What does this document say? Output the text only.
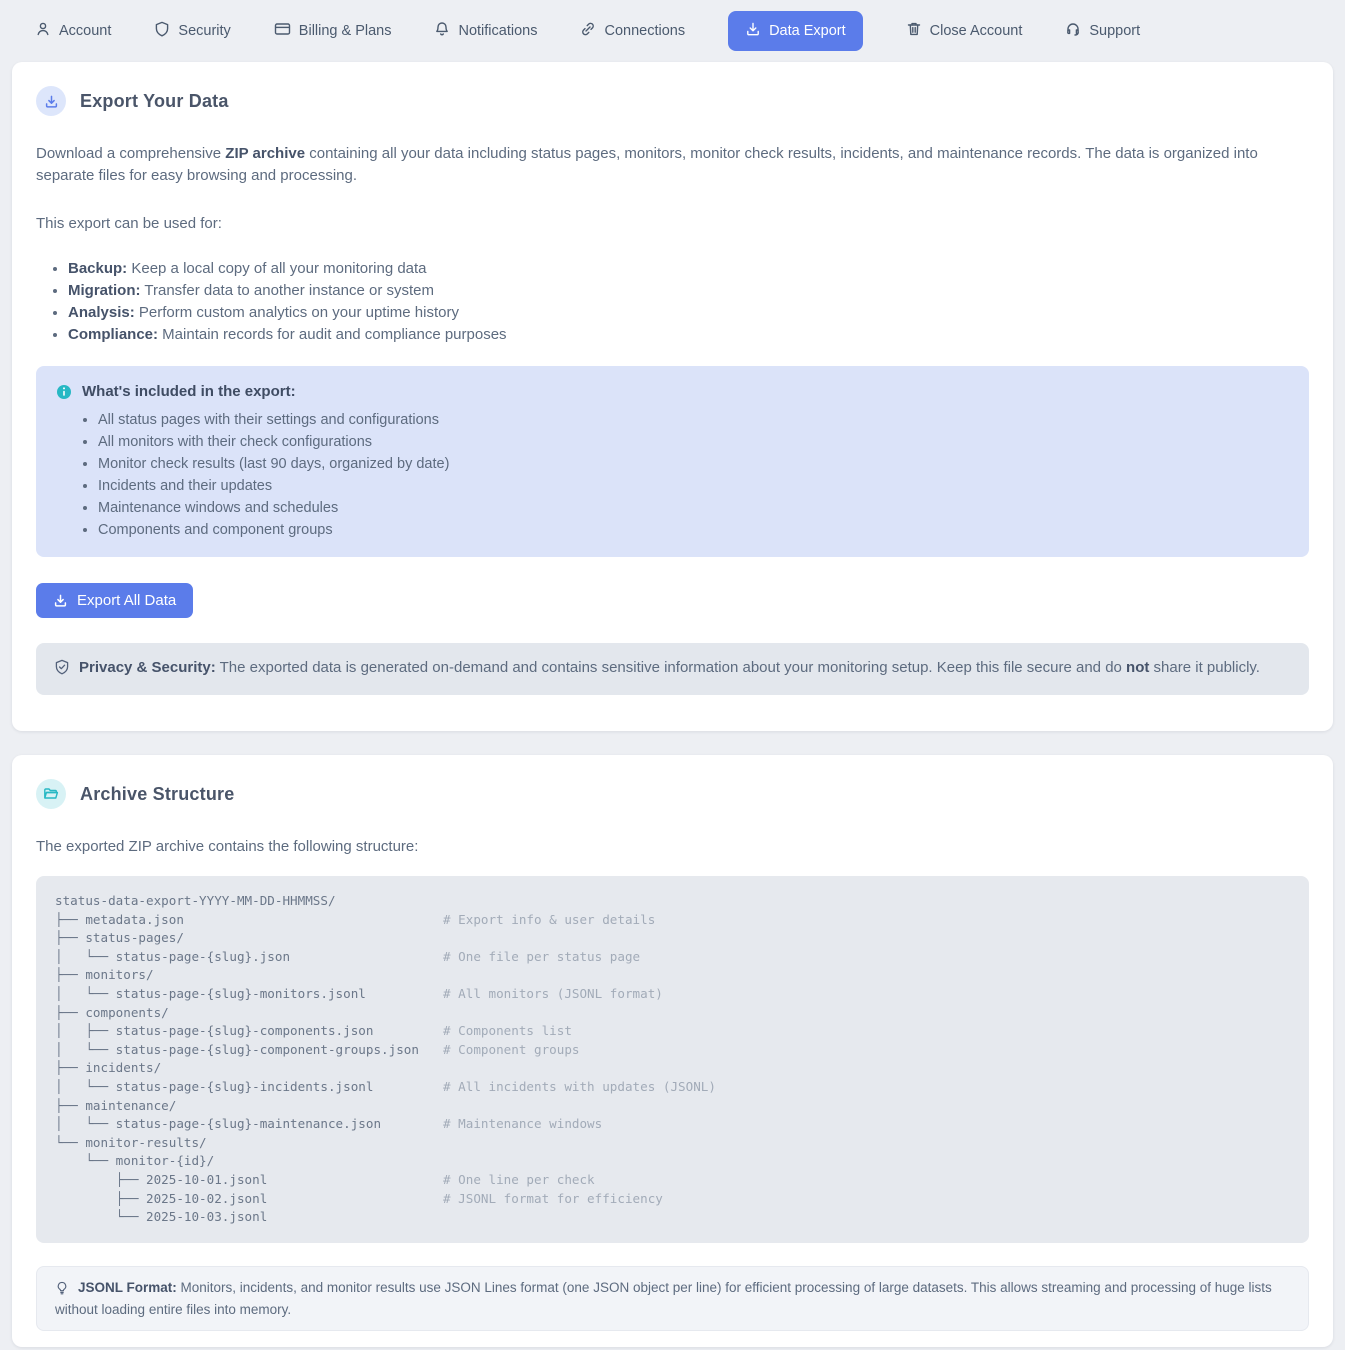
Account	Security	Billing & Plans	Notifications	Connections	Data Export	Close Account	Support
Export Your Data

Download a comprehensive ZIP archive containing all your data including status pages, monitors, monitor check results, incidents, and maintenance records. The data is organized into separate files for easy browsing and processing.

This export can be used for:

• Backup: Keep a local copy of all your monitoring data
• Migration: Transfer data to another instance or system
• Analysis: Perform custom analytics on your uptime history
• Compliance: Maintain records for audit and compliance purposes
What's included in the export:
• All status pages with their settings and configurations
• All monitors with their check configurations
• Monitor check results (last 90 days, organized by date)
• Incidents and their updates
• Maintenance windows and schedules
• Components and component groups
Export All Data
Privacy & Security: The exported data is generated on-demand and contains sensitive information about your monitoring setup. Keep this file secure and do not share it publicly.
Archive Structure

The exported ZIP archive contains the following structure:

status-data-export-YYYY-MM-DD-HHMMSS/
├── metadata.json	# Export info & user details
├── status-pages/
│   └── status-page-{slug}.json	# One file per status page
├── monitors/
│   └── status-page-{slug}-monitors.jsonl	# All monitors (JSONL format)
├── components/
│   ├── status-page-{slug}-components.json	# Components list
│   └── status-page-{slug}-component-groups.json # Component groups
├── incidents/
│   └── status-page-{slug}-incidents.jsonl	# All incidents with updates (JSONL)
├── maintenance/
│   └── status-page-{slug}-maintenance.json	# Maintenance windows
└── monitor-results/
└── monitor-{id}/
├── 2025-10-01.jsonl	# One line per check
├── 2025-10-02.jsonl	# JSONL format for efficiency
└── 2025-10-03.jsonl
JSONL Format: Monitors, incidents, and monitor results use JSON Lines format (one JSON object per line) for efficient processing of large datasets. This allows streaming and processing of huge lists without loading entire files into memory.
